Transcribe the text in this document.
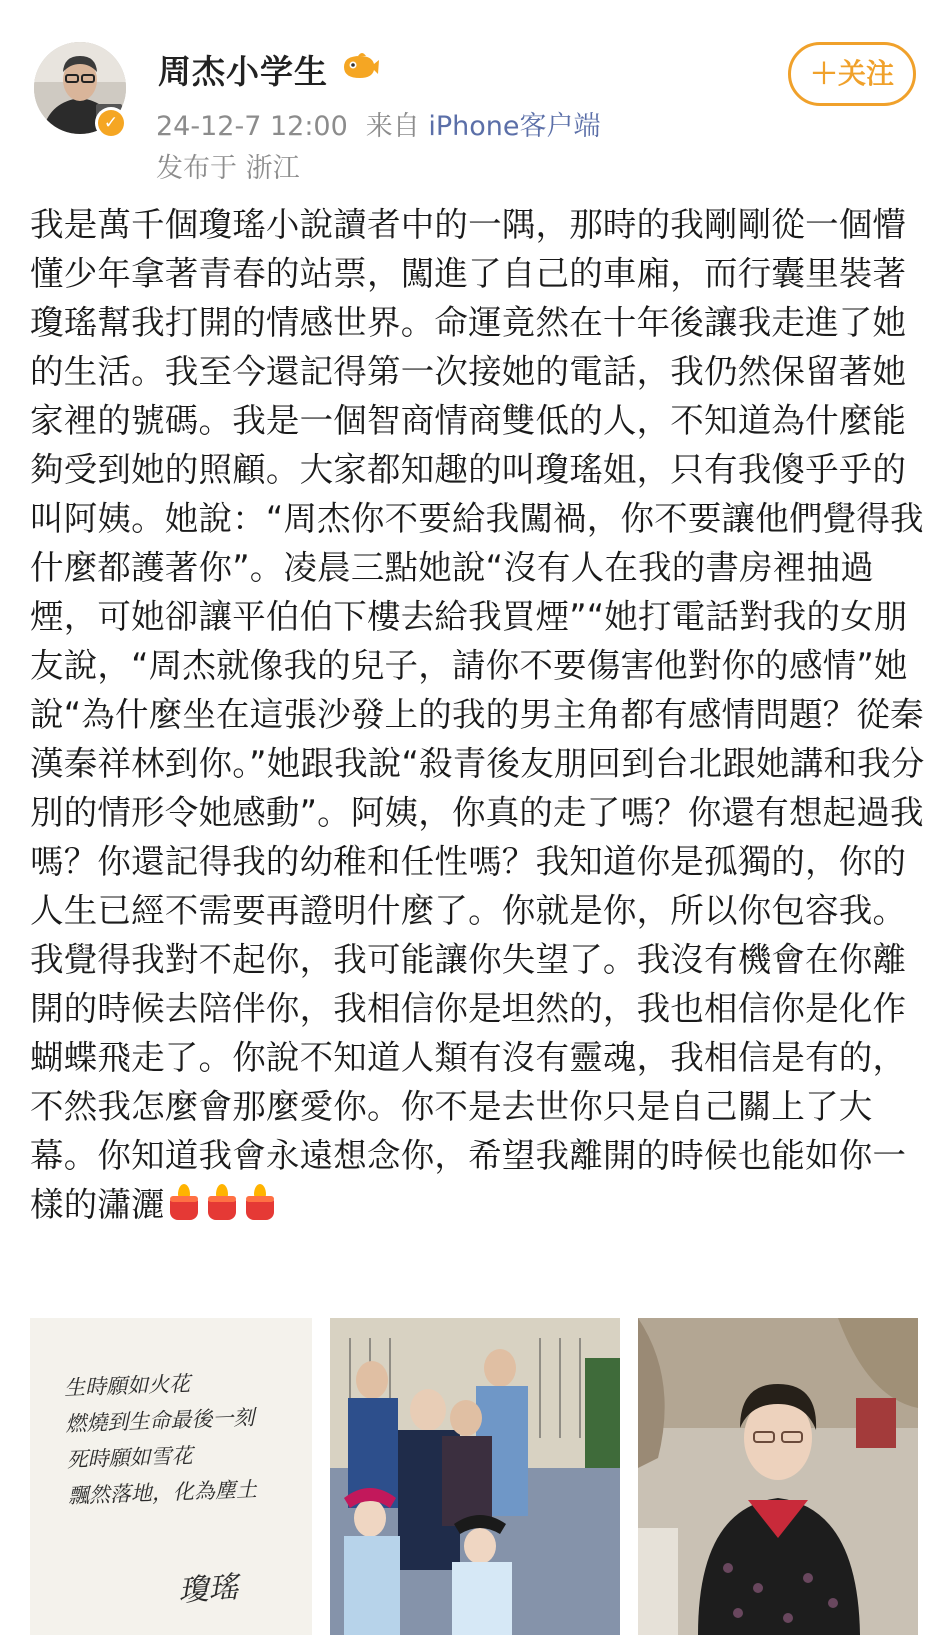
✓
周杰小学生
24-12-7 12:00 来自 iPhone客户端
发布于 浙江
＋关注
我是萬千個瓊瑤小說讀者中的一隅，那時的我剛剛從一個懵懂少年拿著青春的站票，闖進了自己的車廂，而行囊里裝著瓊瑤幫我打開的情感世界。命運竟然在十年後讓我走進了她的生活。我至今還記得第一次接她的電話，我仍然保留著她家裡的號碼。我是一個智商情商雙低的人，不知道為什麼能夠受到她的照顧。大家都知趣的叫瓊瑤姐，只有我傻乎乎的叫阿姨。她說：“周杰你不要給我闖禍，你不要讓他們覺得我什麼都護著你”。凌晨三點她說“沒有人在我的書房裡抽過煙，可她卻讓平伯伯下樓去給我買煙”“她打電話對我的女朋友說，“周杰就像我的兒子，請你不要傷害他對你的感情”她說“為什麼坐在這張沙發上的我的男主角都有感情問題？從秦漢秦祥林到你。”她跟我說“殺青後友朋回到台北跟她講和我分別的情形令她感動”。阿姨，你真的走了嗎？你還有想起過我嗎？你還記得我的幼稚和任性嗎？我知道你是孤獨的，你的人生已經不需要再證明什麼了。你就是你，所以你包容我。我覺得我對不起你，我可能讓你失望了。我沒有機會在你離開的時候去陪伴你，我相信你是坦然的，我也相信你是化作蝴蝶飛走了。你說不知道人類有沒有靈魂，我相信是有的，不然我怎麼會那麼愛你。你不是去世你只是自己關上了大幕。你知道我會永遠想念你，希望我離開的時候也能如你一樣的瀟灑
生時願如火花
燃燒到生命最後一刻
死時願如雪花
飄然落地，化為塵土
瓊瑤
